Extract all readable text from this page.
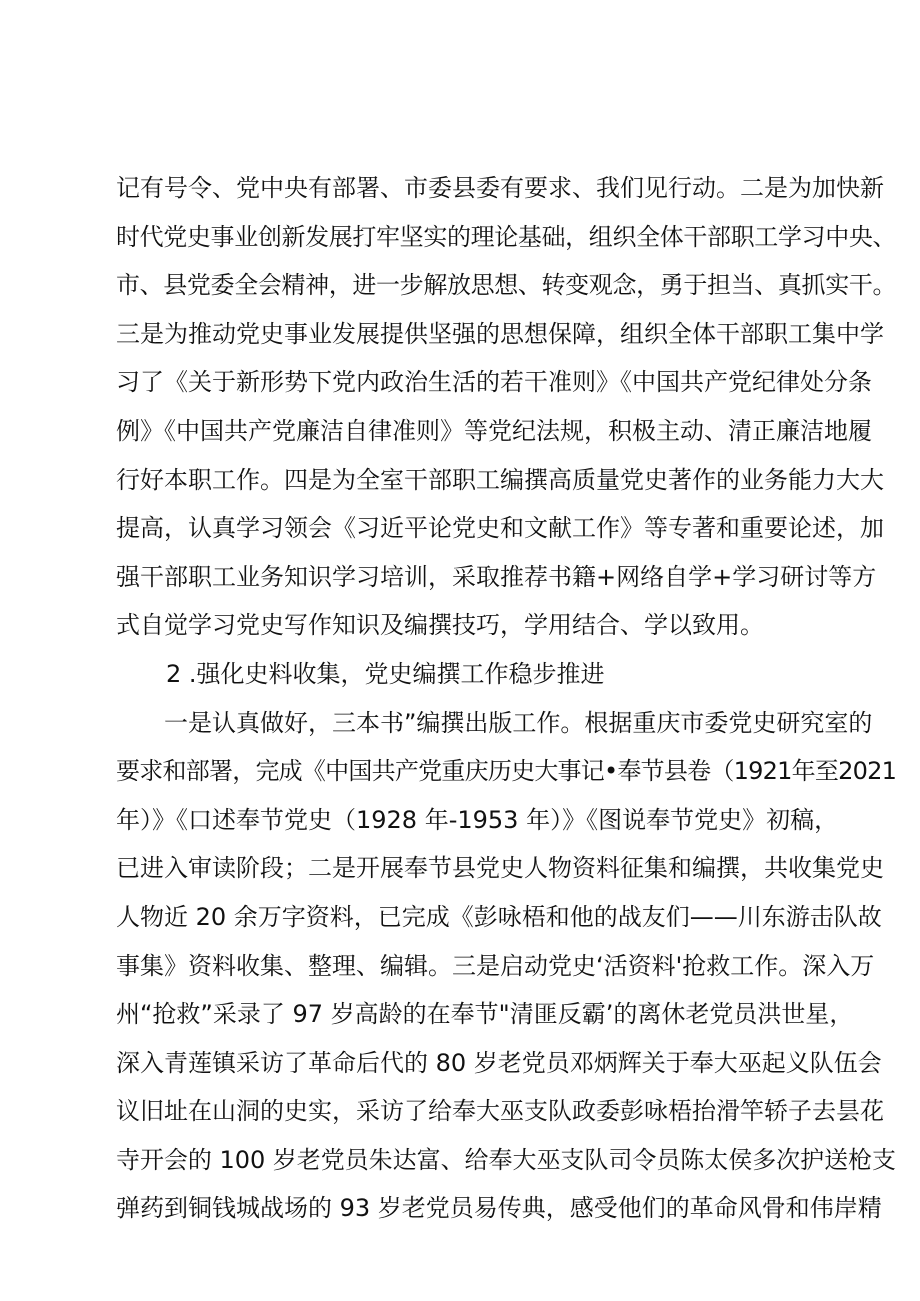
记有号令、党中央有部署、市委县委有要求、我们见行动。二是为加快新
时代党史事业创新发展打牢坚实的理论基础，组织全体干部职工学习中央、
市、县党委全会精神，进一步解放思想、转变观念，勇于担当、真抓实干。
三是为推动党史事业发展提供坚强的思想保障，组织全体干部职工集中学
习了《关于新形势下党内政治生活的若干准则》《中国共产党纪律处分条
例》《中国共产党廉洁自律准则》等党纪法规，积极主动、清正廉洁地履
行好本职工作。四是为全室干部职工编撰高质量党史著作的业务能力大大
提高，认真学习领会《习近平论党史和文献工作》等专著和重要论述，加
强干部职工业务知识学习培训，采取推荐书籍+网络自学+学习研讨等方
式自觉学习党史写作知识及编撰技巧，学用结合、学以致用。
2 .强化史料收集，党史编撰工作稳步推进
一是认真做好，三本书”编撰出版工作。根据重庆市委党史研究室的
要求和部署，完成《中国共产党重庆历史大事记•奉节县卷（1921年至2021
年）》《口述奉节党史（1928 年-1953 年）》《图说奉节党史》初稿，
已进入审读阶段；二是开展奉节县党史人物资料征集和编撰，共收集党史
人物近 20 余万字资料，已完成《彭咏梧和他的战友们——川东游击队故
事集》资料收集、整理、编辑。三是启动党史‘活资料'抢救工作。深入万
州“抢救”采录了 97 岁高龄的在奉节"清匪反霸’的离休老党员洪世星，
深入青莲镇采访了革命后代的 80 岁老党员邓炳辉关于奉大巫起义队伍会
议旧址在山洞的史实，采访了给奉大巫支队政委彭咏梧抬滑竿轿子去昙花
寺开会的 100 岁老党员朱达富、给奉大巫支队司令员陈太侯多次护送枪支
弹药到铜钱城战场的 93 岁老党员易传典，感受他们的革命风骨和伟岸精
